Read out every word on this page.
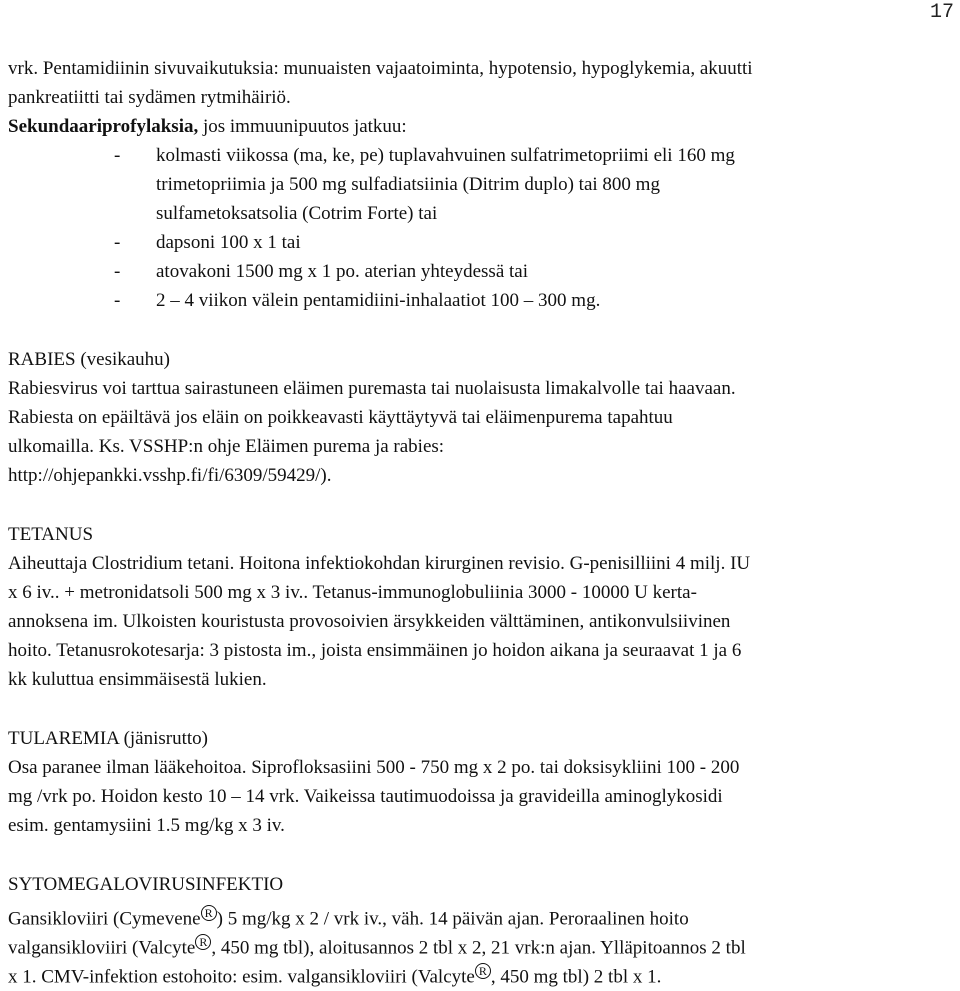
17
vrk. Pentamidiinin sivuvaikutuksia: munuaisten vajaatoiminta, hypotensio, hypoglykemia, akuutti
pankreatiitti tai sydämen rytmihäiriö.
Sekundaariprofylaksia, jos immuunipuutos jatkuu:
- kolmasti viikossa (ma, ke, pe) tuplavahvuinen sulfatrimetopriimi eli 160 mg
trimetopriimia ja 500 mg sulfadiatsiinia (Ditrim duplo) tai 800 mg
sulfametoksatsolia (Cotrim Forte) tai
- dapsoni 100 x 1 tai
- atovakoni 1500 mg x 1 po. aterian yhteydessä tai
- 2 – 4 viikon välein pentamidiini-inhalaatiot 100 – 300 mg.
RABIES (vesikauhu)
Rabiesvirus voi tarttua sairastuneen eläimen puremasta tai nuolaisusta limakalvolle tai haavaan.
Rabiesta on epäiltävä jos eläin on poikkeavasti käyttäytyvä tai eläimenpurema tapahtuu
ulkomailla. Ks. VSSHP:n ohje Eläimen purema ja rabies:
http://ohjepankki.vsshp.fi/fi/6309/59429/).
TETANUS
Aiheuttaja Clostridium tetani. Hoitona infektiokohdan kirurginen revisio. G-penisilliini 4 milj. IU
x 6 iv.. + metronidatsoli 500 mg x 3 iv.. Tetanus-immunoglobuliinia 3000 - 10000 U kerta-
annoksena im. Ulkoisten kouristusta provosoivien ärsykkeiden välttäminen, antikonvulsiivinen
hoito. Tetanusrokotesarja: 3 pistosta im., joista ensimmäinen jo hoidon aikana ja seuraavat 1 ja 6
kk kuluttua ensimmäisestä lukien.
TULAREMIA (jänisrutto)
Osa paranee ilman lääkehoitoa. Siprofloksasiini 500 - 750 mg x 2 po. tai doksisykliini 100 - 200
mg /vrk po. Hoidon kesto 10 – 14 vrk. Vaikeissa tautimuodoissa ja gravideilla aminoglykosidi
esim. gentamysiini 1.5 mg/kg x 3 iv.
SYTOMEGALOVIRUSINFEKTIO
Gansikloviiri (Cymevene $^R$ ) 5 mg/kg x 2 / vrk iv., väh. 14 päivän ajan. Peroraalinen hoito
valgansikloviiri (Valcyte $^R$ , 450 mg tbl), aloitusannos 2 tbl x 2, 21 vrk:n ajan. Ylläpitoannos 2 tbl
x 1. CMV-infektion estohoito: esim. valgansikloviiri (Valcyte $^R$ , 450 mg tbl) 2 tbl x 1.
